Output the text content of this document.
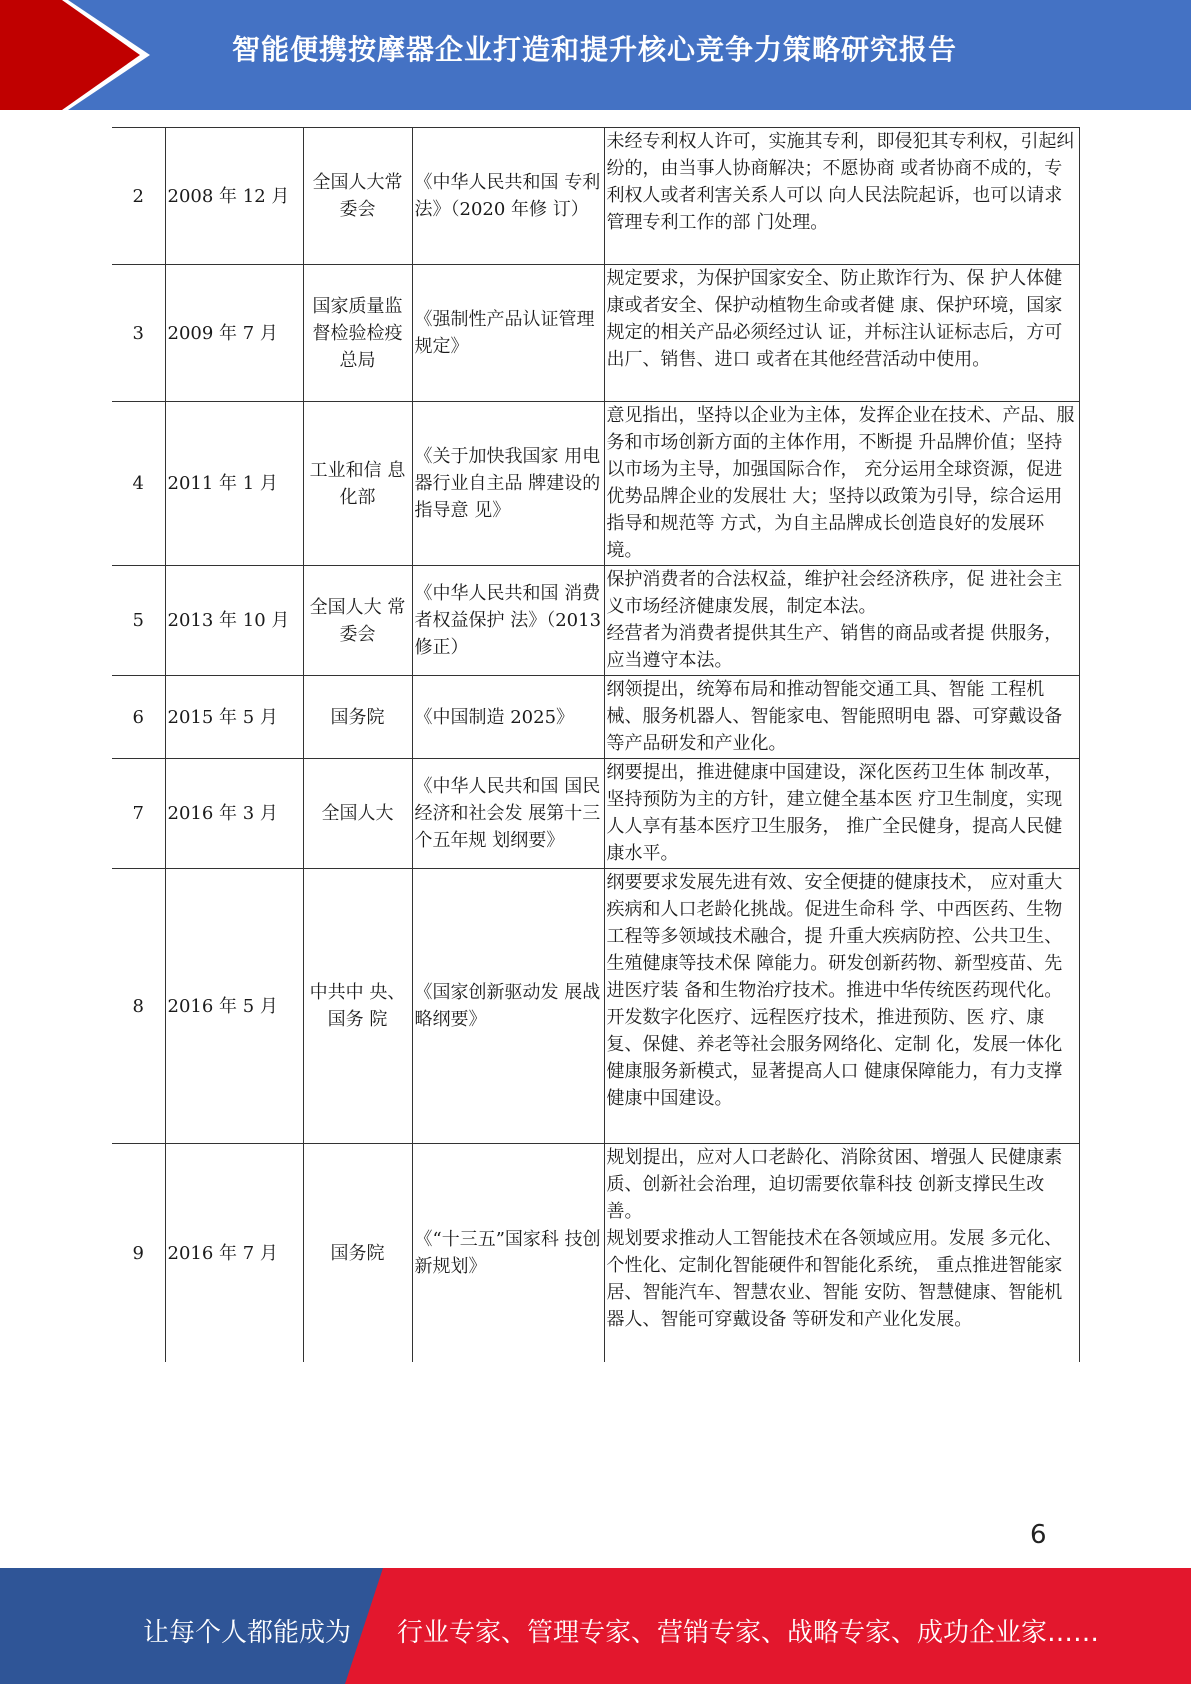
智能便携按摩器企业打造和提升核心竞争力策略研究报告
2	2008 年 12 月	全国人大常委会	《中华人民共和国 专利法》（2020 年修 订）	未经专利权人许可，实施其专利，即侵犯其专利权，引起纠纷的，由当事人协商解决；不愿协商 或者协商不成的，专利权人或者利害关系人可以 向人民法院起诉，也可以请求管理专利工作的部 门处理。
3	2009 年 7 月	国家质量监督检验检疫总局	《强制性产品认证管理规定》	规定要求，为保护国家安全、防止欺诈行为、保 护人体健康或者安全、保护动植物生命或者健 康、保护环境，国家规定的相关产品必须经过认 证，并标注认证标志后，方可出厂、销售、进口 或者在其他经营活动中使用。
4	2011 年 1 月	工业和信 息化部	《关于加快我国家 用电器行业自主品 牌建设的指导意 见》	意见指出，坚持以企业为主体，发挥企业在技术、产品、服务和市场创新方面的主体作用，不断提 升品牌价值；坚持以市场为主导，加强国际合作， 充分运用全球资源，促进优势品牌企业的发展壮 大；坚持以政策为引导，综合运用指导和规范等 方式，为自主品牌成长创造良好的发展环境。
5	2013 年 10 月	全国人大 常委会	《中华人民共和国 消费者权益保护 法》（2013 修正）	保护消费者的合法权益，维护社会经济秩序，促 进社会主义市场经济健康发展，制定本法。
经营者为消费者提供其生产、销售的商品或者提 供服务，应当遵守本法。
6	2015 年 5 月	国务院	《中国制造 2025》	纲领提出，统筹布局和推动智能交通工具、智能 工程机械、服务机器人、智能家电、智能照明电 器、可穿戴设备等产品研发和产业化。
7	2016 年 3 月	全国人大	《中华人民共和国 国民经济和社会发 展第十三个五年规 划纲要》	纲要提出，推进健康中国建设，深化医药卫生体 制改革，坚持预防为主的方针，建立健全基本医 疗卫生制度，实现人人享有基本医疗卫生服务， 推广全民健身，提高人民健康水平。
8	2016 年 5 月	中共中 央、国务 院	《国家创新驱动发 展战略纲要》	纲要要求发展先进有效、安全便捷的健康技术， 应对重大疾病和人口老龄化挑战。促进生命科 学、中西医药、生物工程等多领域技术融合，提 升重大疾病防控、公共卫生、生殖健康等技术保 障能力。研发创新药物、新型疫苗、先进医疗装 备和生物治疗技术。推进中华传统医药现代化。 开发数字化医疗、远程医疗技术，推进预防、医 疗、康复、保健、养老等社会服务网络化、定制 化，发展一体化健康服务新模式，显著提高人口 健康保障能力，有力支撑健康中国建设。
9	2016 年 7 月	国务院	《“十三五”国家科 技创新规划》	规划提出，应对人口老龄化、消除贫困、增强人 民健康素质、创新社会治理，迫切需要依靠科技 创新支撑民生改善。
规划要求推动人工智能技术在各领域应用。发展 多元化、个性化、定制化智能硬件和智能化系统， 重点推进智能家居、智能汽车、智慧农业、智能 安防、智慧健康、智能机器人、智能可穿戴设备 等研发和产业化发展。
6
让每个人都能成为 行业专家、管理专家、营销专家、战略专家、成功企业家……
